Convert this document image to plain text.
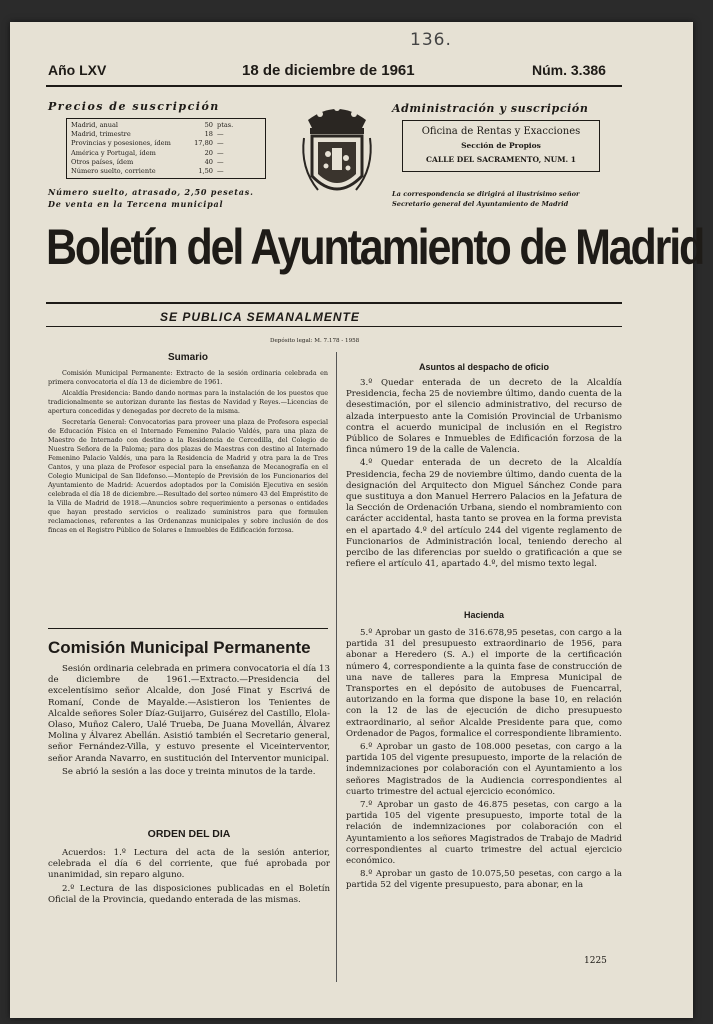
136.
Año LXV	18 de diciembre de 1961	Núm. 3.386
Precios de suscripción
Madrid, anual	50 ptas.
Madrid, trimestre	18 —
Provincias y posesiones, ídem	17,80 —
América y Portugal, ídem	20 —
Otros países, ídem	40 —
Número suelto, corriente	1,50 —
Número suelto, atrasado, 2,50 pesetas.
De venta en la Tercena municipal
Administración y suscripción
Oficina de Rentas y Exacciones
Sección de Propios
CALLE DEL SACRAMENTO, NUM. 1
La correspondencia se dirigirá al ilustrísimo señor
Secretario general del Ayuntamiento de Madrid
Boletín del Ayuntamiento de Madrid
SE PUBLICA SEMANALMENTE
Depósito legal: M. 7.178 - 1958
Sumario

Comisión Municipal Permanente: Extracto de la sesión ordinaria celebrada en primera convocatoria el día 13 de diciembre de 1961.

Alcaldía Presidencia: Bando dando normas para la instalación de los puestos que tradicionalmente se autorizan durante las fiestas de Navidad y Reyes.—Licencias de apertura concedidas y denegadas por decreto de la misma.

Secretaría General: Convocatorias para proveer una plaza de Profesora especial de Educación Física en el Internado Femenino Palacio Valdés, para una plaza de Maestro de Internado con destino a la Residencia de Cercedilla, del Colegio de Nuestra Señora de la Paloma; para dos plazas de Maestras con destino al Internado Femenino Palacio Valdés, una para la Residencia de Madrid y otra para la de Tres Cantos, y una plaza de Profesor especial para la enseñanza de Mecanografía en el Colegio Municipal de San Ildefonso.—Montepío de Previsión de los Funcionarios del Ayuntamiento de Madrid: Acuerdos adoptados por la Comisión Ejecutiva en sesión celebrada el día 18 de diciembre.—Resultado del sorteo número 43 del Empréstito de la Villa de Madrid de 1918.—Anuncios sobre requerimiento a personas o entidades que hayan prestado servicios o realizado suministros para que formulen reclamaciones, referentes a las Ordenanzas municipales y sobre inclusión de dos fincas en el Registro Público de Solares e Inmuebles de Edificación forzosa.

Comisión Municipal Permanente

Sesión ordinaria celebrada en primera convocatoria el día 13 de diciembre de 1961.—Extracto.—Presidencia del excelentísimo señor Alcalde, don José Finat y Escrivá de Romaní, Conde de Mayalde.—Asistieron los Tenientes de Alcalde señores Soler Díaz-Guijarro, Guisérez del Castillo, Elola-Olaso, Muñoz Calero, Ualé Trueba, De Juana Movellán, Álvarez Molina y Álvarez Abellán. Asistió también el Secretario general, señor Fernández-Villa, y estuvo presente el Viceinterventor, señor Aranda Navarro, en sustitución del Interventor municipal.

Se abrió la sesión a las doce y treinta minutos de la tarde.

ORDEN DEL DIA

Acuerdos: 1.º Lectura del acta de la sesión anterior, celebrada el día 6 del corriente, que fué aprobada por unanimidad, sin reparo alguno.

2.º Lectura de las disposiciones publicadas en el Boletín Oficial de la Provincia, quedando enterada de las mismas.

Asuntos al despacho de oficio

3.º Quedar enterada de un decreto de la Alcaldía Presidencia, fecha 25 de noviembre último, dando cuenta de la desestimación, por el silencio administrativo, del recurso de alzada interpuesto ante la Comisión Provincial de Urbanismo contra el acuerdo municipal de inclusión en el Registro Público de Solares e Inmuebles de Edificación forzosa de la finca número 19 de la calle de Valencia.

4.º Quedar enterada de un decreto de la Alcaldía Presidencia, fecha 29 de noviembre último, dando cuenta de la designación del Arquitecto don Miguel Sánchez Conde para que sustituya a don Manuel Herrero Palacios en la Jefatura de la Sección de Ordenación Urbana, siendo el nombramiento con carácter accidental, hasta tanto se provea en la forma prevista en el apartado 4.º del artículo 244 del vigente reglamento de Funcionarios de Administración local, teniendo derecho al percibo de las diferencias por sueldo o gratificación a que se refiere el artículo 41, apartado 4.º, del mismo texto legal.

Hacienda

5.º Aprobar un gasto de 316.678,95 pesetas, con cargo a la partida 31 del presupuesto extraordinario de 1956, para abonar a Heredero (S. A.) el importe de la certificación número 4, correspondiente a la quinta fase de construcción de una nave de talleres para la Empresa Municipal de Transportes en el depósito de autobuses de Fuencarral, autorizando en la forma que dispone la base 10, en relación con la 12 de las de ejecución de dicho presupuesto extraordinario, al señor Alcalde Presidente para que, como Ordenador de Pagos, formalice el correspondiente libramiento.

6.º Aprobar un gasto de 108.000 pesetas, con cargo a la partida 105 del vigente presupuesto, importe de la relación de indemnizaciones por colaboración con el Ayuntamiento a los señores Magistrados de la Audiencia correspondientes al cuarto trimestre del actual ejercicio económico.

7.º Aprobar un gasto de 46.875 pesetas, con cargo a la partida 105 del vigente presupuesto, importe total de la relación de indemnizaciones por colaboración con el Ayuntamiento a los señores Magistrados de Trabajo de Madrid correspondientes al cuarto trimestre del actual ejercicio económico.

8.º Aprobar un gasto de 10.075,50 pesetas, con cargo a la partida 52 del vigente presupuesto, para abonar, en la

1225
